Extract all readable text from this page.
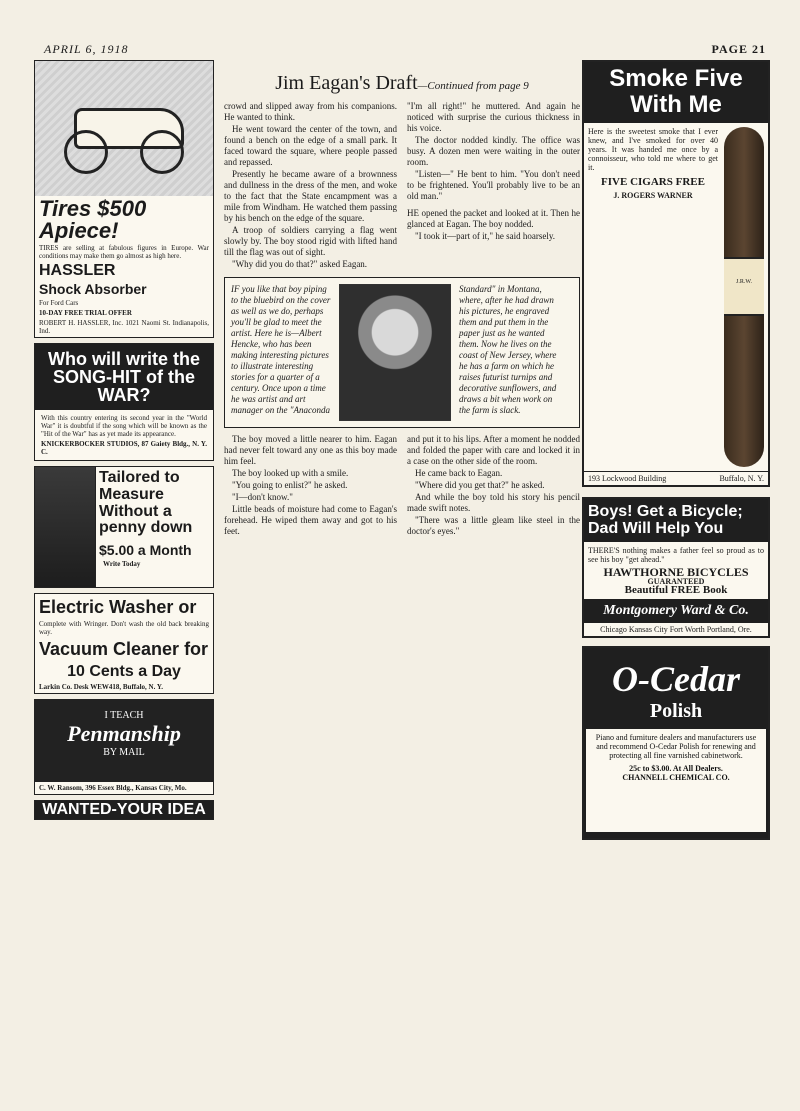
APRIL 6, 1918	PAGE 21
Tires $500 Apiece!
TIRES are selling at fabulous figures in Europe. War conditions may make them go almost as high here.
HASSLER
Shock Absorber
For Ford Cars
10-DAY FREE TRIAL OFFER
ROBERT H. HASSLER, Inc. 1021 Naomi St. Indianapolis, Ind.
Who will write the SONG-HIT of the WAR?
With this country entering its second year in the "World War" it is doubtful if the song which will be known as the "Hit of the War" has as yet made its appearance.
KNICKERBOCKER STUDIOS, 87 Gaiety Bldg., N. Y. C.
Tailored to Measure Without a penny down
$5.00 a Month
Write Today
Electric Washer or
Complete with Wringer. Don't wash the old back breaking way.
Vacuum Cleaner for
10 Cents a Day
Larkin Co. Desk WEW418, Buffalo, N. Y.
I TEACH
Penmanship
BY MAIL
C. W. Ransom, 396 Essex Bldg., Kansas City, Mo.
WANTED-YOUR IDEA
Jim Eagan's Draft—Continued from page 9

crowd and slipped away from his companions. He wanted to think.

He went toward the center of the town, and found a bench on the edge of a small park. It faced toward the square, where people passed and repassed.

Presently he became aware of a brownness and dullness in the dress of the men, and woke to the fact that the State encampment was a mile from Windham. He watched them passing by his bench on the edge of the square.

A troop of soldiers carrying a flag went slowly by. The boy stood rigid with lifted hand till the flag was out of sight.

"Why did you do that?" asked Eagan.

"I'm all right!" he muttered. And again he noticed with surprise the curious thickness in his voice.

The doctor nodded kindly. The office was busy. A dozen men were waiting in the outer room.

"Listen—" He bent to him. "You don't need to be frightened. You'll probably live to be an old man."

HE opened the packet and looked at it. Then he glanced at Eagan. The boy nodded.

"I took it—part of it," he said hoarsely.

IF you like that boy piping to the bluebird on the cover as well as we do, perhaps you'll be glad to meet the artist. Here he is—Albert Hencke, who has been making interesting pictures to illustrate interesting stories for a quarter of a century. Once upon a time he was artist and art manager on the "Anaconda
Standard" in Montana, where, after he had drawn his pictures, he engraved them and put them in the paper just as he wanted them. Now he lives on the coast of New Jersey, where he has a farm on which he raises futurist turnips and decorative sunflowers, and draws a bit when work on the farm is slack.

The boy moved a little nearer to him. Eagan had never felt toward any one as this boy made him feel.

The boy looked up with a smile.

"You going to enlist?" he asked.

"I—don't know."

Little beads of moisture had come to Eagan's forehead. He wiped them away and got to his feet.

and put it to his lips. After a moment he nodded and folded the paper with care and locked it in a case on the other side of the room.

He came back to Eagan.

"Where did you get that?" he asked.

And while the boy told his story his pencil made swift notes.

"There was a little gleam like steel in the doctor's eyes."

Smoke Five With Me
Here is the sweetest smoke that I ever knew, and I've smoked for over 40 years. It was handed me once by a connoisseur, who told me where to get it.
FIVE CIGARS FREE
J. ROGERS WARNER
J.R.W.
193 Lockwood Building	Buffalo, N. Y.
Boys! Get a Bicycle; Dad Will Help You
THERE'S nothing makes a father feel so proud as to see his boy "get ahead."
HAWTHORNE BICYCLES
GUARANTEED
Beautiful FREE Book
Montgomery Ward & Co.
Chicago Kansas City Fort Worth Portland, Ore.
O-Cedar
Polish
Piano and furniture dealers and manufacturers use and recommend O-Cedar Polish for renewing and protecting all fine varnished cabinetwork.
25c to $3.00. At All Dealers.
CHANNELL CHEMICAL CO.
